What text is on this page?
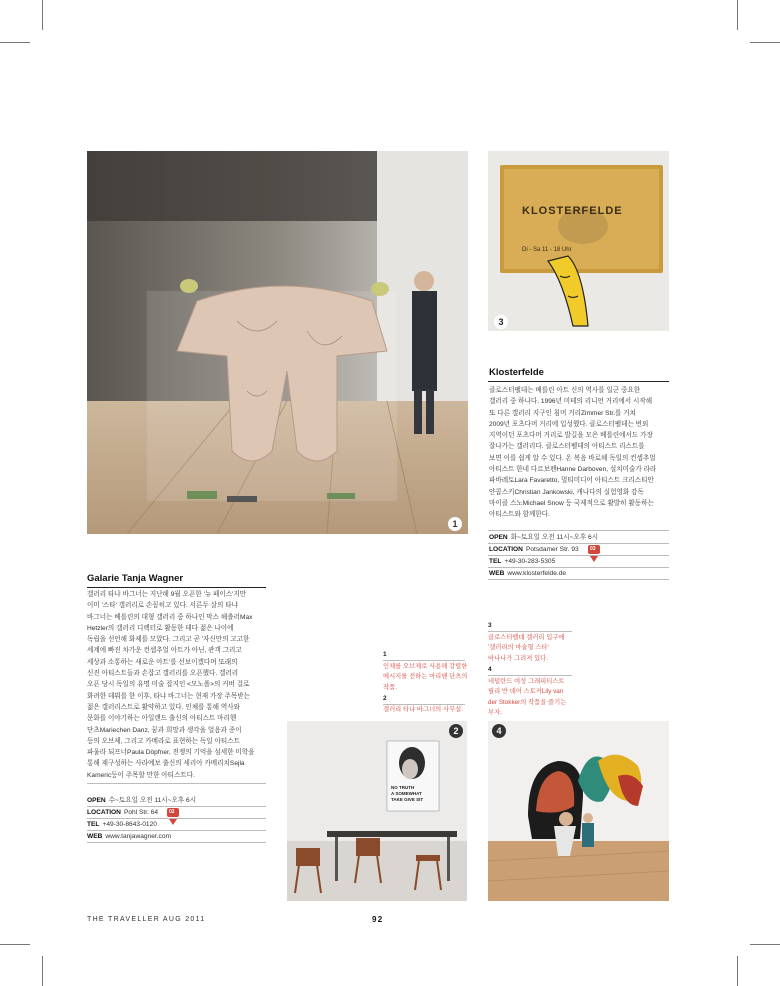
1
KLOSTERFELDE
Di - Sa 11 - 18 Uhr
3
Klosterfelde

클로스터펠데는 베를린 아트 신의 역사를 일군 중요한

갤러리 중 하나다. 1996년 미테의 리니언 거리에서 시작해

또 다른 갤러리 지구인 침머 거리Zimmer Str.를 거쳐

2009년 포츠다머 거리에 입성했다. 클로스터펠데는 번외

지역이던 포츠다머 거리로 발길을 모은 베를린에서도 가장

잘나가는 갤러리다. 클로스터펠데의 아티스트 리스트를

보면 이를 쉽게 알 수 있다. 온 복음 바로해 독일의 컨셉추얼

아티스트 한네 다르보펜Hanne Darboven, 설치미술가 라라

파바레토Lara Favaretto, 멀티미디어 아티스트 크리스티안

얀콥스키Christian Jankowski, 캐나다의 실험영화 감독

마이클 스노Michael Snow 등 국제적으로 활발히 활동하는

아티스트와 함께한다.

OPEN 화~토요일 오전 11시~오후 6시
LOCATION Potsdamer Str. 93 03
TEL +49-30-283-5305
WEB www.klosterfelde.de
Galarie Tanja Wagner

갤러리 타냐 바그너는 지난해 9월 오픈한 '뉴 페이스'지만

이미 '스타' 갤러리로 손꼽히고 있다. 서른두 살의 타냐

바그너는 베를린의 대형 갤러리 중 하나인 막스 헤츨러Max

Hetzler의 갤러리 디렉터로 활동한 데다 젊은 나이에

독립을 선언해 화제를 모았다. 그리고 곧 '자신만의 고고한

세계에 빠진 차가운 컨셉추얼 아트가 아닌, 관객 그리고

세상과 소통하는 새로운 아트'를 선보이겠다며 또래의

신진 아티스트들과 손잡고 갤러리를 오픈했다. 갤러리

오픈 당시 독일의 유명 미술 잡지인 <모노폴>의 커버 걸로

화려한 데뷔를 한 이후, 타냐 바그너는 현재 가장 주목받는

젊은 갤러리스트로 활약하고 있다. 인체를 통해 역사와

문화를 이야기하는 아일랜드 출신의 아티스트 마리헨

단츠Mariechen Danz, 꿈과 희망과 생각을 얼음과 종이

등의 오브제, 그리고 카메라로 표현하는 독일 아티스트

파울라 되프너Paula Döpfner, 전쟁의 기억을 섬세한 미학을

통해 재구성하는 사라예보 출신의 세리아 카메리치Sejla

Kameric등이 주목할 만한 아티스트다.

OPEN 수~토요일 오전 11시~오후 6시
LOCATION Pohl Str. 64 02
TEL +49-30-8643-0120
WEB www.tanjawagner.com
1

인체를 오브제로 사용해 강렬한

메시지를 전하는 마리헨 단츠의

작품.

2

갤러리 타냐 바그너의 사무실.

3

클로스터펠데 갤러리 입구에

'갤러리의 마술형 스타'

바나나가 그려져 있다.

4

네덜란드 여성 그래피티스트

릴리 반 데어 스토커Lily van

der Stokker의 작품을 즐기는

부자.

NO TRUTH
A SOMEWHAT
TAKE GIVE SIT
2	4
THE TRAVELLER AUG 2011	92
